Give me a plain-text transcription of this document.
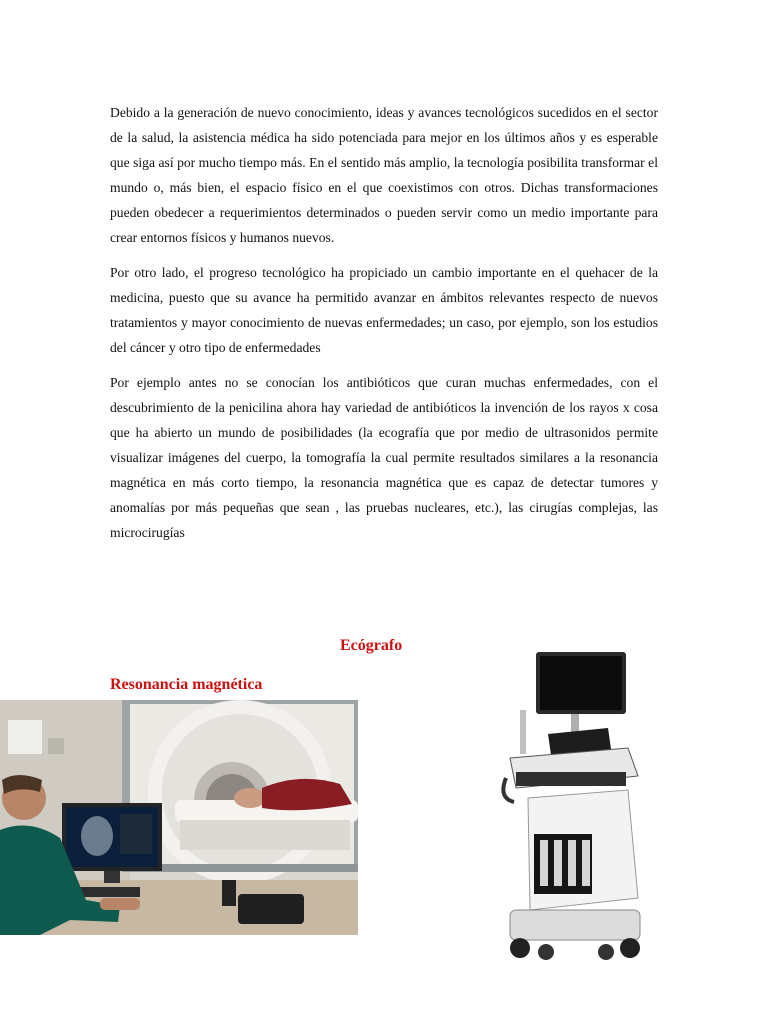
Debido a la generación de nuevo conocimiento, ideas y avances tecnológicos sucedidos en el sector de la salud, la asistencia médica ha sido potenciada para mejor en los últimos años y es esperable que siga así por mucho tiempo más. En el sentido más amplio, la tecnología posibilita transformar el mundo o, más bien, el espacio físico en el que coexistimos con otros. Dichas transformaciones pueden obedecer a requerimientos determinados o pueden servir como un medio importante para crear entornos físicos y humanos nuevos.

Por otro lado, el progreso tecnológico ha propiciado un cambio importante en el quehacer de la medicina, puesto que su avance ha permitido avanzar en ámbitos relevantes respecto de nuevos tratamientos y mayor conocimiento de nuevas enfermedades; un caso, por ejemplo, son los estudios del cáncer y otro tipo de enfermedades

Por ejemplo antes no se conocían los antibióticos que curan muchas enfermedades, con el descubrimiento de la penicilina ahora hay variedad de antibióticos la invención de los rayos x cosa que ha abierto un mundo de posibilidades (la ecografía que por medio de ultrasonidos permite visualizar imágenes del cuerpo, la tomografía la cual permite resultados similares a la resonancia magnética en más corto tiempo, la resonancia magnética que es capaz de detectar tumores y anomalías por más pequeñas que sean , las pruebas nucleares, etc.), las cirugías complejas, las microcirugías

Ecógrafo

Resonancia magnética
